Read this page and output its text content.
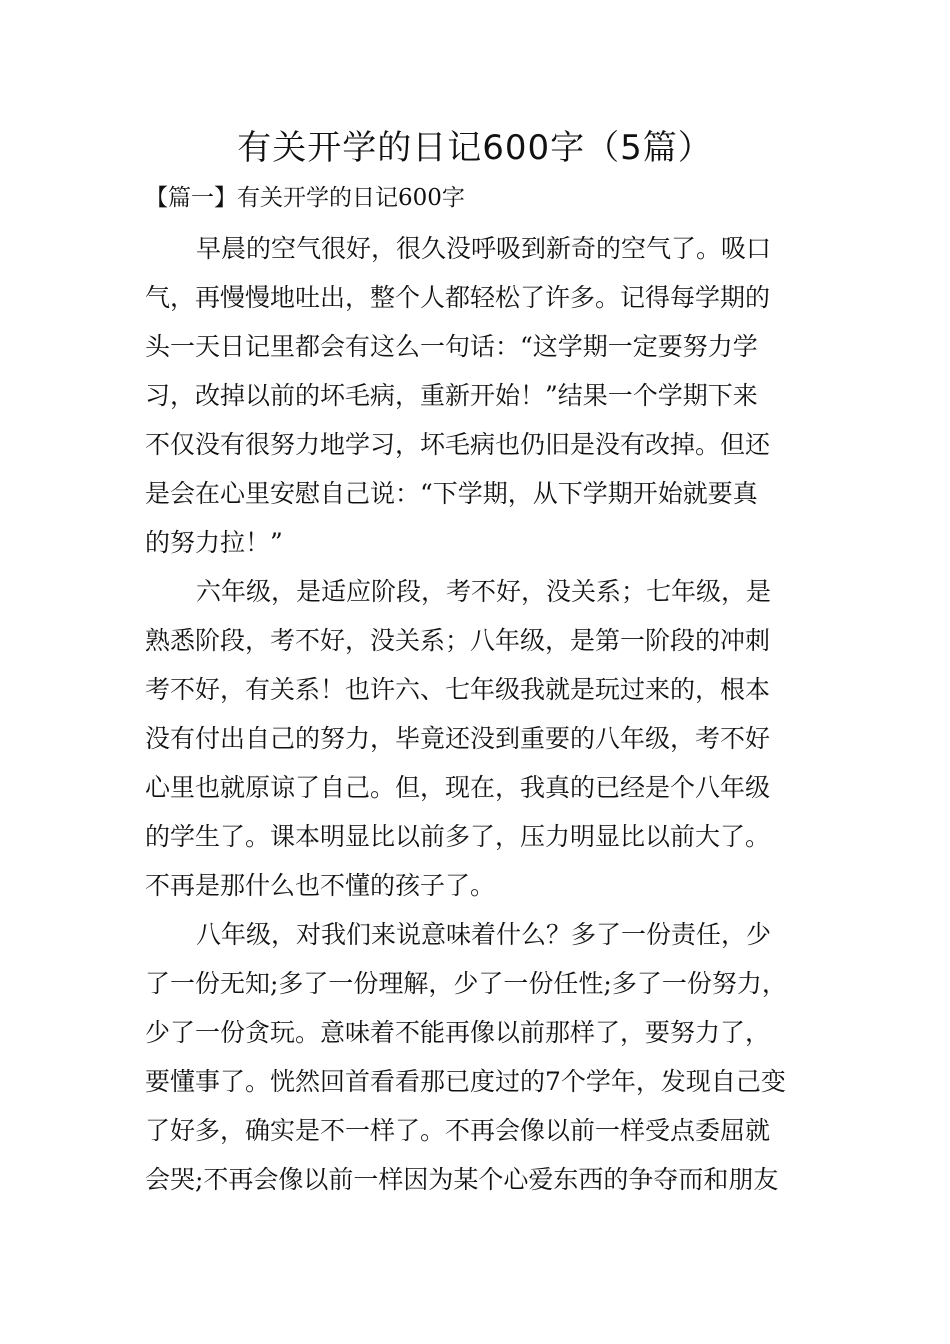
有关开学的日记600字（5篇）
【篇一】有关开学的日记600字
早晨的空气很好，很久没呼吸到新奇的空气了。吸口
气，再慢慢地吐出，整个人都轻松了许多。记得每学期的
头一天日记里都会有这么一句话：“这学期一定要努力学
习，改掉以前的坏毛病，重新开始！”结果一个学期下来
不仅没有很努力地学习，坏毛病也仍旧是没有改掉。但还
是会在心里安慰自己说：“下学期，从下学期开始就要真
的努力拉！”
六年级，是适应阶段，考不好，没关系；七年级，是
熟悉阶段，考不好，没关系；八年级，是第一阶段的冲刺
考不好，有关系！也许六、七年级我就是玩过来的，根本
没有付出自己的努力，毕竟还没到重要的八年级，考不好
心里也就原谅了自己。但，现在，我真的已经是个八年级
的学生了。课本明显比以前多了，压力明显比以前大了。
不再是那什么也不懂的孩子了。
八年级，对我们来说意味着什么？多了一份责任，少
了一份无知;多了一份理解，少了一份任性;多了一份努力，
少了一份贪玩。意味着不能再像以前那样了，要努力了，
要懂事了。恍然回首看看那已度过的7个学年，发现自己变
了好多，确实是不一样了。不再会像以前一样受点委屈就
会哭;不再会像以前一样因为某个心爱东西的争夺而和朋友
